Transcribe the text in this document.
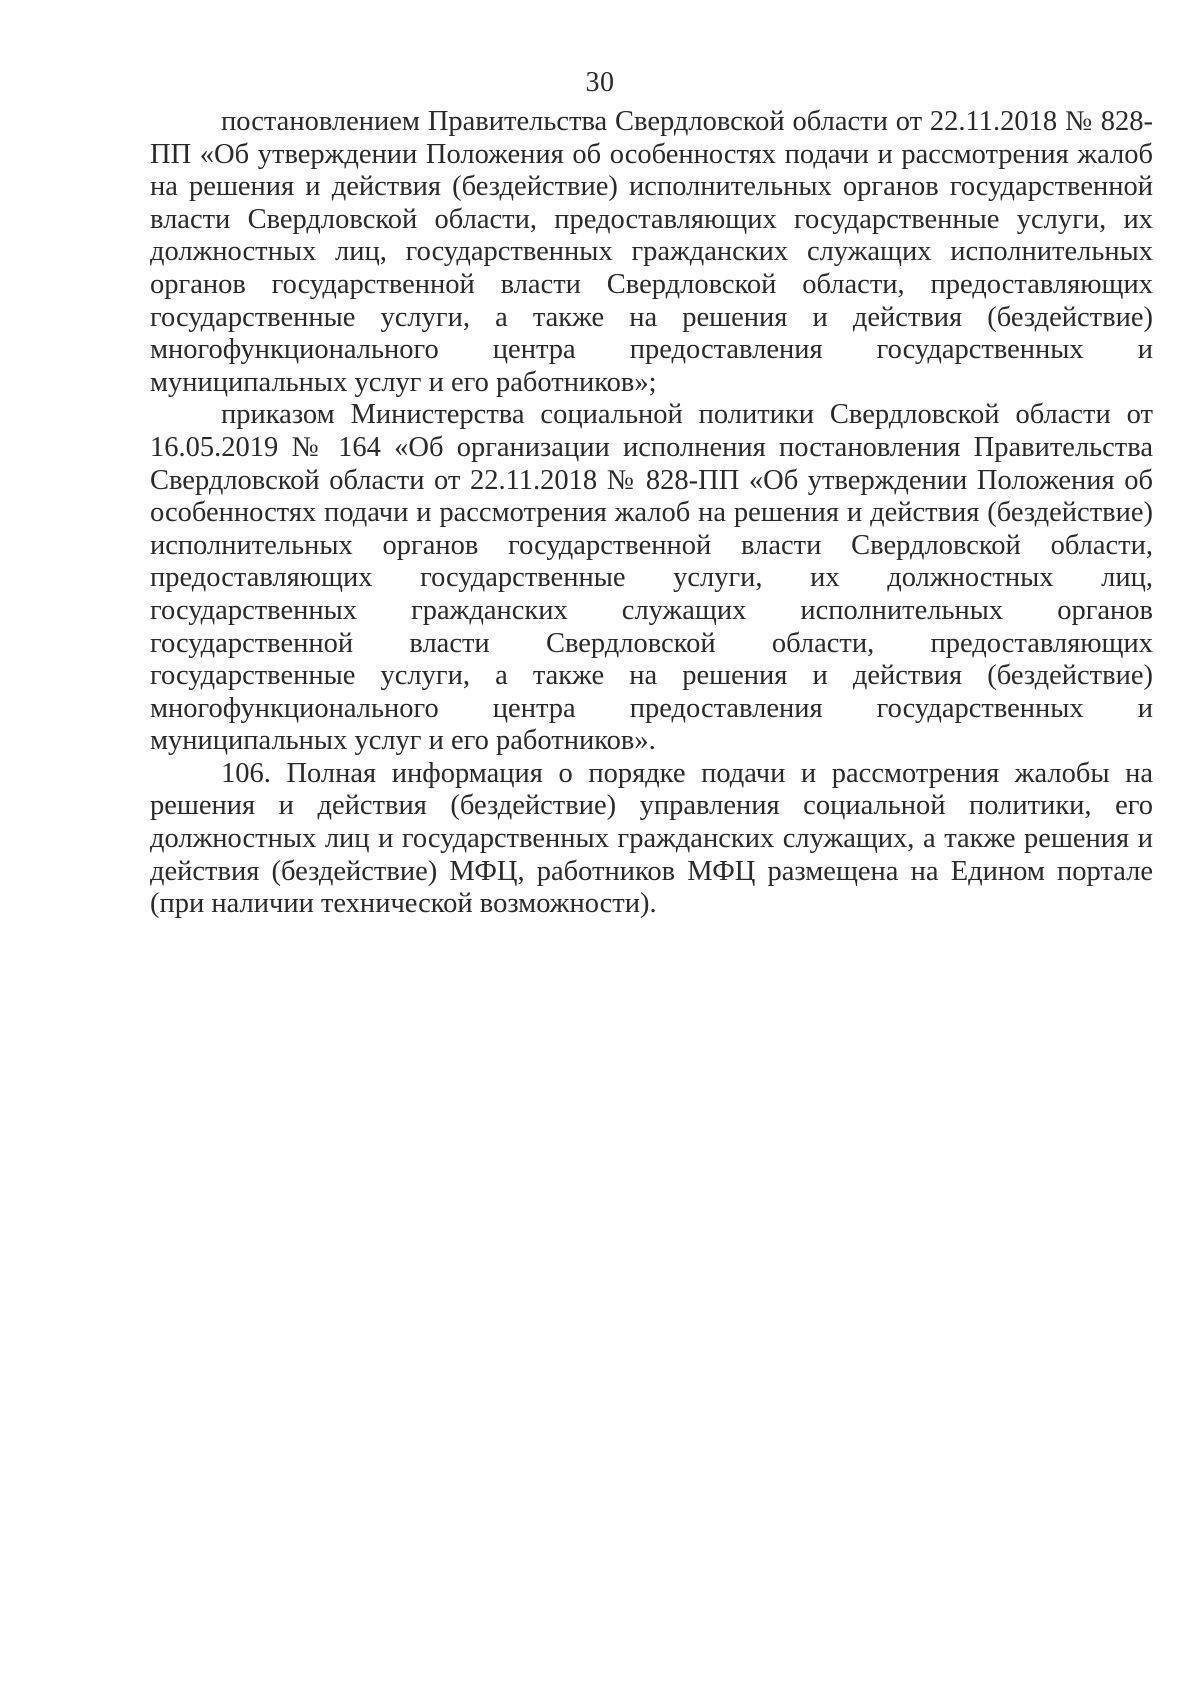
30

постановлением Правительства Свердловской области от 22.11.2018 № 828-ПП «Об утверждении Положения об особенностях подачи и рассмотрения жалоб на решения и действия (бездействие) исполнительных органов государственной власти Свердловской области, предоставляющих государственные услуги, их должностных лиц, государственных гражданских служащих исполнительных органов государственной власти Свердловской области, предоставляющих государственные услуги, а также на решения и действия (бездействие) многофункционального центра предоставления государственных и муниципальных услуг и его работников»;

приказом Министерства социальной политики Свердловской области от 16.05.2019 № 164 «Об организации исполнения постановления Правительства Свердловской области от 22.11.2018 № 828-ПП «Об утверждении Положения об особенностях подачи и рассмотрения жалоб на решения и действия (бездействие) исполнительных органов государственной власти Свердловской области, предоставляющих государственные услуги, их должностных лиц, государственных гражданских служащих исполнительных органов государственной власти Свердловской области, предоставляющих государственные услуги, а также на решения и действия (бездействие) многофункционального центра предоставления государственных и муниципальных услуг и его работников».

106. Полная информация о порядке подачи и рассмотрения жалобы на решения и действия (бездействие) управления социальной политики, его должностных лиц и государственных гражданских служащих, а также решения и действия (бездействие) МФЦ, работников МФЦ размещена на Едином портале (при наличии технической возможности).
